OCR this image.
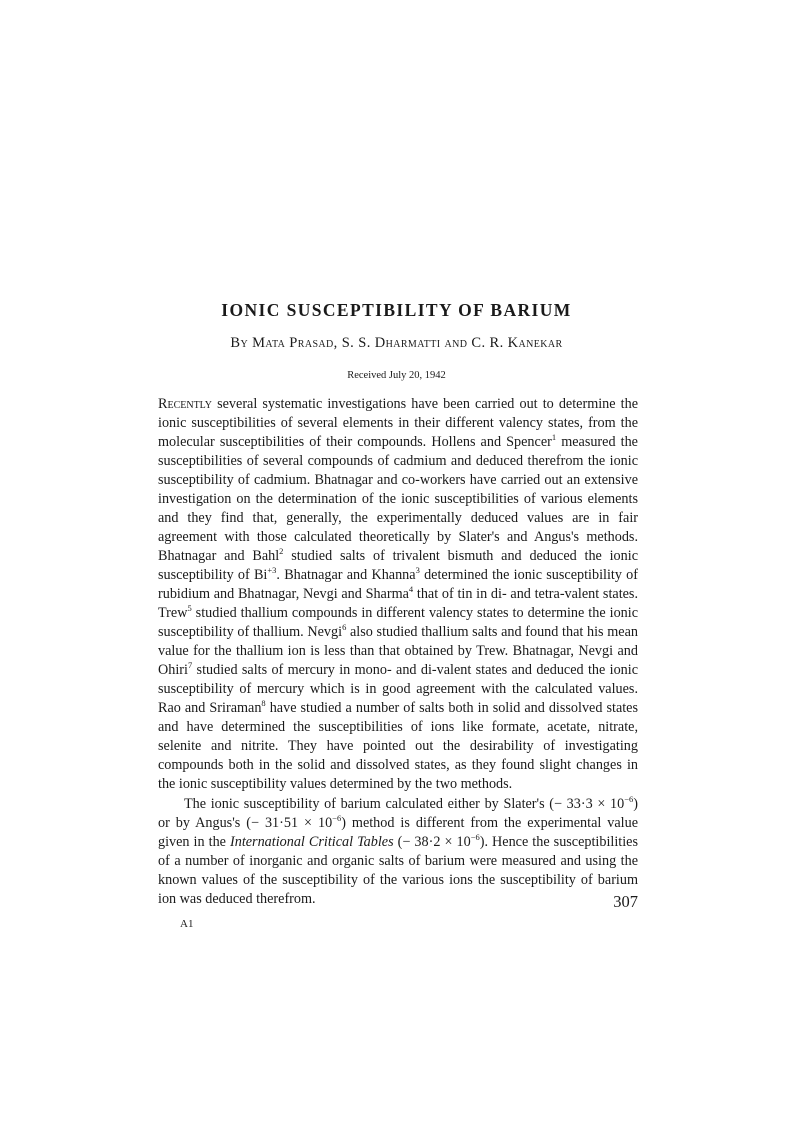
IONIC SUSCEPTIBILITY OF BARIUM
By Mata Prasad, S. S. Dharmatti and C. R. Kanekar
Received July 20, 1942

Recently several systematic investigations have been carried out to determine the ionic susceptibilities of several elements in their different valency states, from the molecular susceptibilities of their compounds. Hollens and Spencer$^1$ measured the susceptibilities of several compounds of cadmium and deduced therefrom the ionic susceptibility of cadmium. Bhatnagar and co-workers have carried out an extensive investigation on the determination of the ionic susceptibilities of various elements and they find that, generally, the experimentally deduced values are in fair agreement with those calculated theoretically by Slater's and Angus's methods. Bhatnagar and Bahl$^2$ studied salts of trivalent bismuth and deduced the ionic susceptibility of $Bi^{+3}$. Bhatnagar and Khanna$^3$ determined the ionic susceptibility of rubidium and Bhatnagar, Nevgi and Sharma$^4$ that of tin in di- and tetra-valent states. Trew$^5$ studied thallium compounds in different valency states to determine the ionic susceptibility of thallium. Nevgi$^6$ also studied thallium salts and found that his mean value for the thallium ion is less than that obtained by Trew. Bhatnagar, Nevgi and Ohiri$^7$ studied salts of mercury in mono- and di-valent states and deduced the ionic susceptibility of mercury which is in good agreement with the calculated values. Rao and Sriraman$^8$ have studied a number of salts both in solid and dissolved states and have determined the susceptibilities of ions like formate, acetate, nitrate, selenite and nitrite. They have pointed out the desirability of investigating compounds both in the solid and dissolved states, as they found slight changes in the ionic susceptibility values determined by the two methods.

The ionic susceptibility of barium calculated either by Slater's (− $33\cdot 3 \times 10^{-6}$) or by Angus's (− $31\cdot 51 \times 10^{-6}$) method is different from the experimental value given in the International Critical Tables (− $38\cdot 2 \times 10^{-6}$). Hence the susceptibilities of a number of inorganic and organic salts of barium were measured and using the known values of the susceptibility of the various ions the susceptibility of barium ion was deduced therefrom.	307
A1
